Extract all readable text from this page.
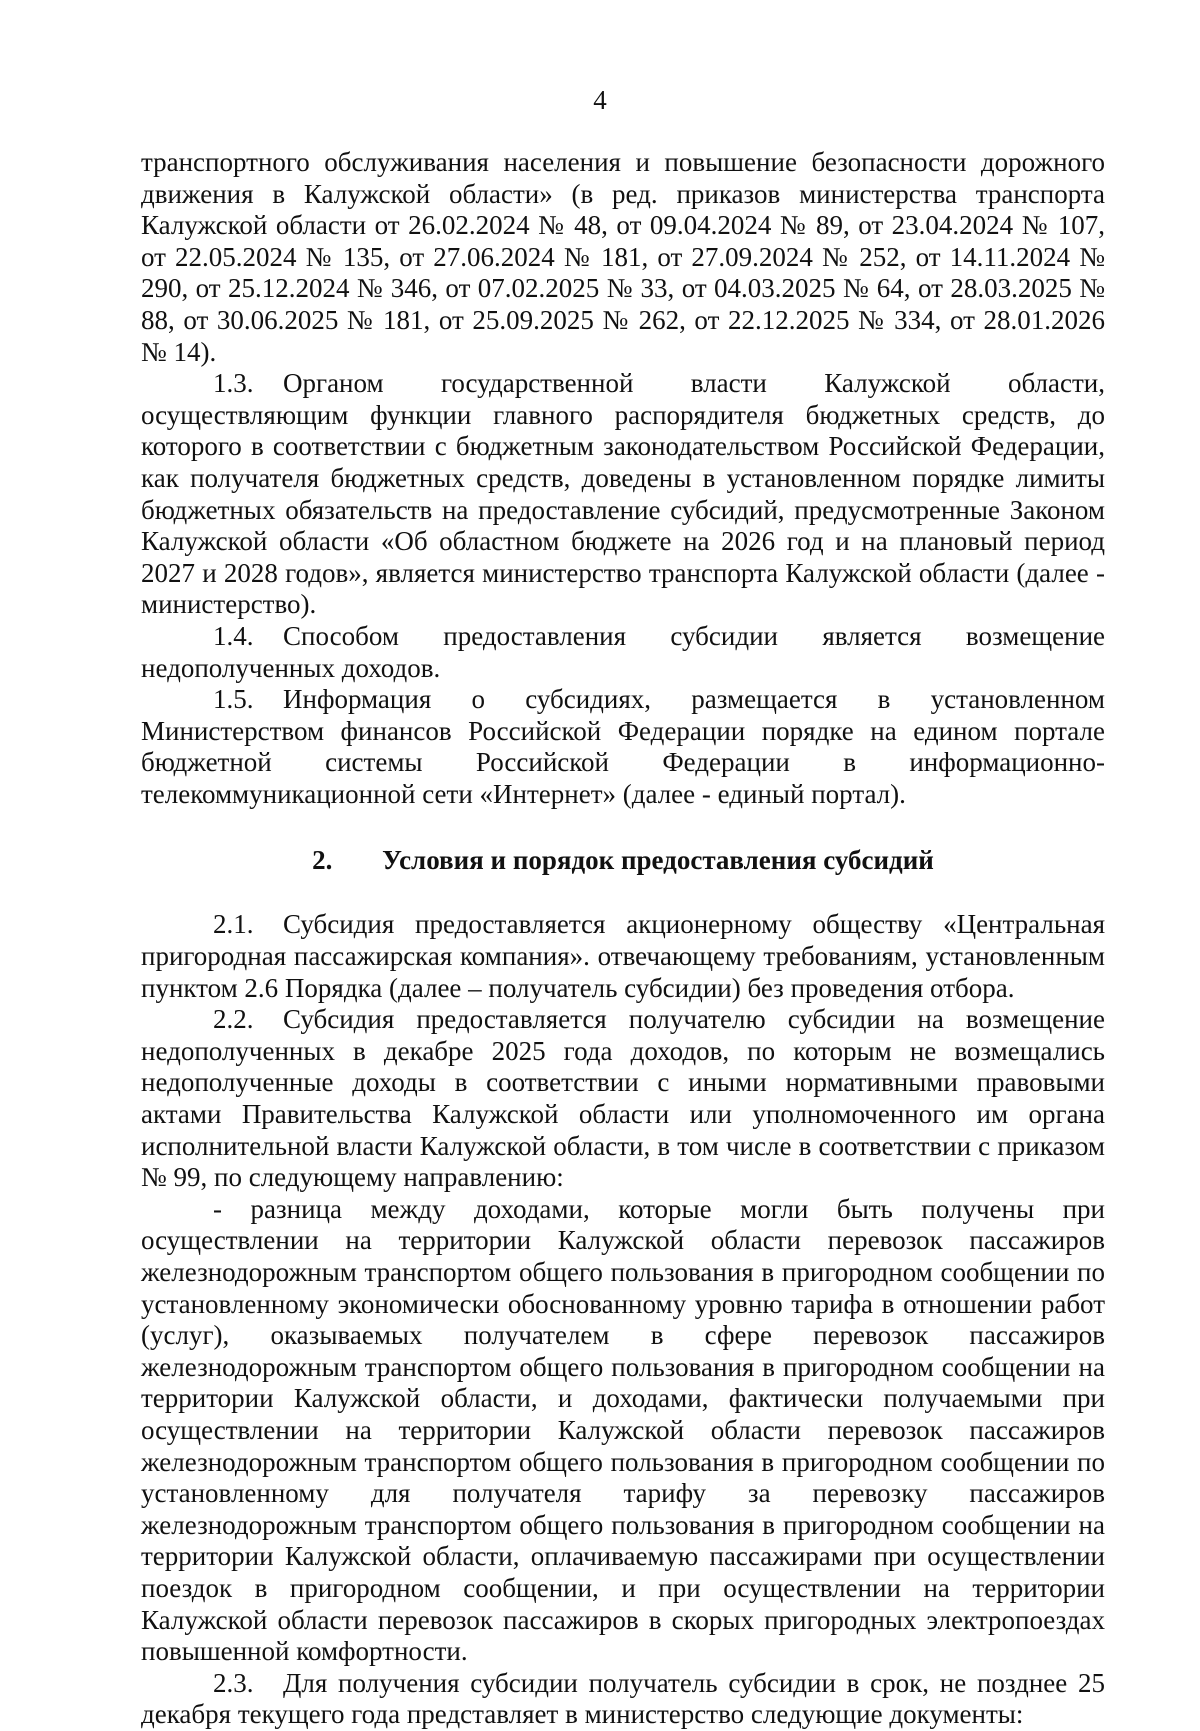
4

транспортного обслуживания населения и повышение безопасности дорожного движения в Калужской области» (в ред. приказов министерства транспорта Калужской области от 26.02.2024 № 48, от 09.04.2024 № 89, от 23.04.2024 № 107, от 22.05.2024 № 135, от 27.06.2024 № 181, от 27.09.2024 № 252, от 14.11.2024 № 290, от 25.12.2024 № 346, от 07.02.2025 № 33, от 04.03.2025 № 64, от 28.03.2025 № 88, от 30.06.2025 № 181, от 25.09.2025 № 262, от 22.12.2025 № 334, от 28.01.2026 № 14).

1.3. Органом государственной власти Калужской области, осуществляющим функции главного распорядителя бюджетных средств, до которого в соответствии с бюджетным законодательством Российской Федерации, как получателя бюджетных средств, доведены в установленном порядке лимиты бюджетных обязательств на предоставление субсидий, предусмотренные Законом Калужской области «Об областном бюджете на 2026 год и на плановый период 2027 и 2028 годов», является министерство транспорта Калужской области (далее - министерство).

1.4. Способом предоставления субсидии является возмещение недополученных доходов.

1.5. Информация о субсидиях, размещается в установленном Министерством финансов Российской Федерации порядке на едином портале бюджетной системы Российской Федерации в информационно-телекоммуникационной сети «Интернет» (далее - единый портал).

2.	Условия и порядок предоставления субсидий

2.1. Субсидия предоставляется акционерному обществу «Центральная пригородная пассажирская компания». отвечающему требованиям, установленным пунктом 2.6 Порядка (далее – получатель субсидии) без проведения отбора.

2.2. Субсидия предоставляется получателю субсидии на возмещение недополученных в декабре 2025 года доходов, по которым не возмещались недополученные доходы в соответствии с иными нормативными правовыми актами Правительства Калужской области или уполномоченного им органа исполнительной власти Калужской области, в том числе в соответствии с приказом № 99, по следующему направлению:

- разница между доходами, которые могли быть получены при осуществлении на территории Калужской области перевозок пассажиров железнодорожным транспортом общего пользования в пригородном сообщении по установленному экономически обоснованному уровню тарифа в отношении работ (услуг), оказываемых получателем в сфере перевозок пассажиров железнодорожным транспортом общего пользования в пригородном сообщении на территории Калужской области, и доходами, фактически получаемыми при осуществлении на территории Калужской области перевозок пассажиров железнодорожным транспортом общего пользования в пригородном сообщении по установленному для получателя тарифу за перевозку пассажиров железнодорожным транспортом общего пользования в пригородном сообщении на территории Калужской области, оплачиваемую пассажирами при осуществлении поездок в пригородном сообщении, и при осуществлении на территории Калужской области перевозок пассажиров в скорых пригородных электропоездах повышенной комфортности.

2.3. Для получения субсидии получатель субсидии в срок, не позднее 25 декабря текущего года представляет в министерство следующие документы:
